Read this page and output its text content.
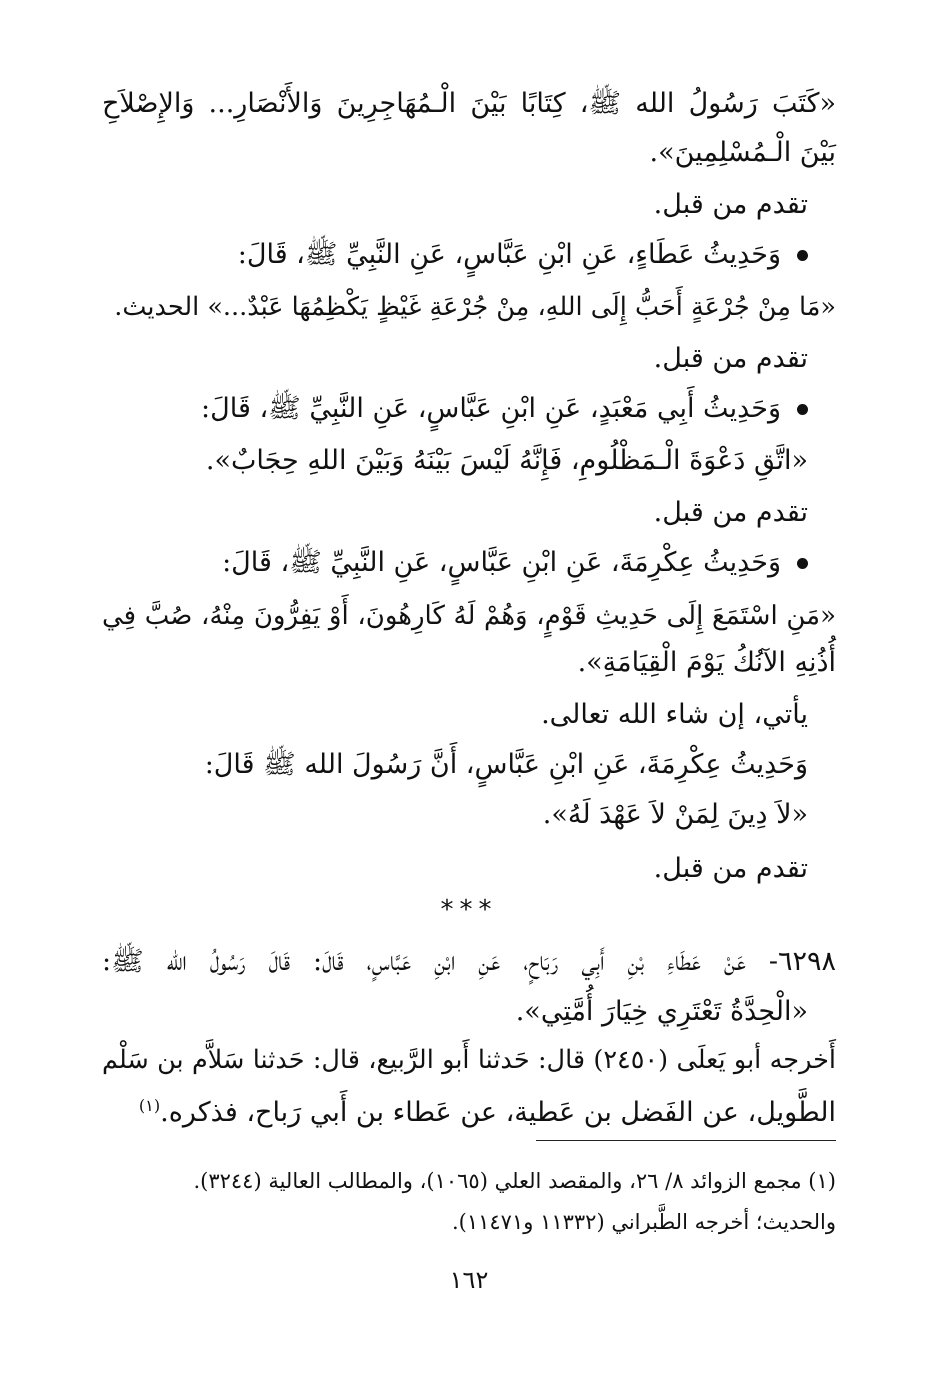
«كَتَبَ رَسُولُ الله ﷺ، كِتَابًا بَيْنَ الْـمُهَاجِرِينَ وَالأَنْصَارِ... وَالإِصْلاَحِ
بَيْنَ الْـمُسْلِمِينَ».
تقدم من قبل.
وَحَدِيثُ عَطَاءٍ، عَنِ ابْنِ عَبَّاسٍ، عَنِ النَّبِيِّ ﷺ، قَالَ:
«مَا مِنْ جُرْعَةٍ أَحَبُّ إِلَى اللهِ، مِنْ جُرْعَةِ غَيْظٍ يَكْظِمُهَا عَبْدٌ...» الحديث.
تقدم من قبل.
وَحَدِيثُ أَبِي مَعْبَدٍ، عَنِ ابْنِ عَبَّاسٍ، عَنِ النَّبِيِّ ﷺ، قَالَ:
«اتَّقِ دَعْوَةَ الْـمَظْلُومِ، فَإِنَّهُ لَيْسَ بَيْنَهُ وَبَيْنَ اللهِ حِجَابٌ».
تقدم من قبل.
وَحَدِيثُ عِكْرِمَةَ، عَنِ ابْنِ عَبَّاسٍ، عَنِ النَّبِيِّ ﷺ، قَالَ:
«مَنِ اسْتَمَعَ إِلَى حَدِيثِ قَوْمٍ، وَهُمْ لَهُ كَارِهُونَ، أَوْ يَفِرُّونَ مِنْهُ، صُبَّ فِي
أُذُنِهِ الآنُكُ يَوْمَ الْقِيَامَةِ».
يأتي، إن شاء الله تعالى.
وَحَدِيثُ عِكْرِمَةَ، عَنِ ابْنِ عَبَّاسٍ، أَنَّ رَسُولَ الله ﷺ قَالَ:
«لاَ دِينَ لِمَنْ لاَ عَهْدَ لَهُ».
تقدم من قبل.
***
٦٢٩٨- عَنْ عَطَاءِ بْنِ أَبِي رَبَاحٍ، عَنِ ابْنِ عَبَّاسٍ، قَالَ: قَالَ رَسُولُ الله ﷺ:
«الْحِدَّةُ تَعْتَرِي خِيَارَ أُمَّتِي».
أَخرجه أبو يَعلَى (٢٤٥٠) قال: حَدثنا أَبو الرَّبيع، قال: حَدثنا سَلاَّم بن سَلْم
الطَّويل، عن الفَضل بن عَطية، عن عَطاء بن أَبي رَباح، فذكره.$^{(١)}$
(١) مجمع الزوائد ٨/ ٢٦، والمقصد العلي (١٠٦٥)، والمطالب العالية (٣٢٤٤).
والحديث؛ أخرجه الطَّبراني (١١٣٣٢ و١١٤٧١).
١٦٢
